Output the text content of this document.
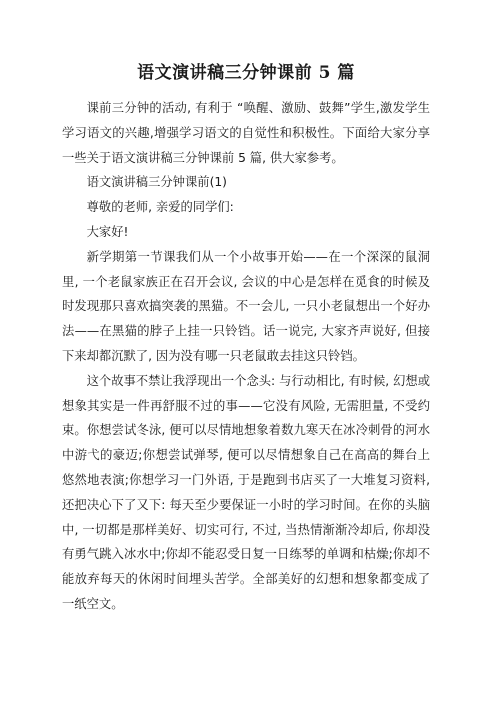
语文演讲稿三分钟课前 5 篇

课前三分钟的活动, 有利于 “唤醒、激励、鼓舞”学生,激发学生学习语文的兴趣,增强学习语文的自觉性和积极性。下面给大家分享一些关于语文演讲稿三分钟课前 5 篇, 供大家参考。

语文演讲稿三分钟课前(1)

尊敬的老师, 亲爱的同学们:

大家好!

新学期第一节课我们从一个小故事开始——在一个深深的鼠洞里, 一个老鼠家族正在召开会议, 会议的中心是怎样在觅食的时候及时发现那只喜欢搞突袭的黑猫。不一会儿, 一只小老鼠想出一个好办法——在黑猫的脖子上挂一只铃铛。话一说完, 大家齐声说好, 但接下来却都沉默了, 因为没有哪一只老鼠敢去挂这只铃铛。

这个故事不禁让我浮现出一个念头: 与行动相比, 有时候, 幻想或想象其实是一件再舒服不过的事——它没有风险, 无需胆量, 不受约束。你想尝试冬泳, 便可以尽情地想象着数九寒天在冰冷刺骨的河水中游弋的豪迈;你想尝试弹琴, 便可以尽情想象自己在高高的舞台上悠然地表演;你想学习一门外语, 于是跑到书店买了一大堆复习资料, 还把决心下了又下: 每天至少要保证一小时的学习时间。在你的头脑中, 一切都是那样美好、切实可行, 不过, 当热情渐渐冷却后, 你却没有勇气跳入冰水中;你却不能忍受日复一日练琴的单调和枯燥;你却不能放弃每天的休闲时间埋头苦学。全部美好的幻想和想象都变成了一纸空文。
